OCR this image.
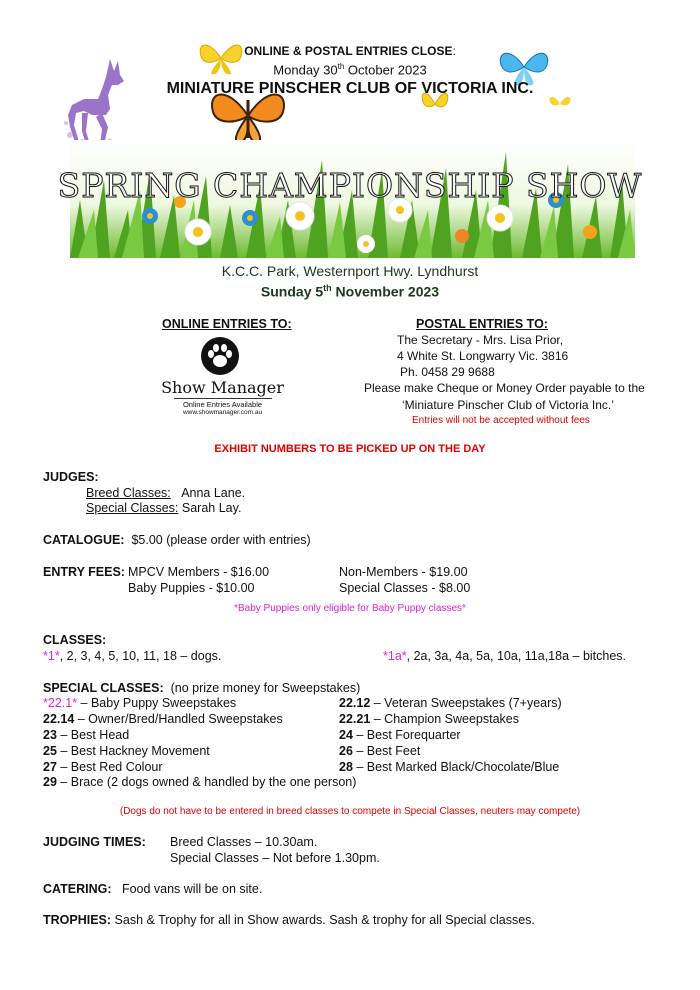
ONLINE & POSTAL ENTRIES CLOSE:
Monday 30th October 2023
MINIATURE PINSCHER CLUB OF VICTORIA INC.
SPRING CHAMPIONSHIP SHOW
K.C.C. Park, Westernport Hwy. Lyndhurst
Sunday 5th November 2023
ONLINE ENTRIES TO:
Show Manager
Online Entries Available
www.showmanager.com.au
POSTAL ENTRIES TO:
The Secretary - Mrs. Lisa Prior,
4 White St. Longwarry Vic. 3816
Ph. 0458 29 9688
Please make Cheque or Money Order payable to the
‘Miniature Pinscher Club of Victoria Inc.’
Entries will not be accepted without fees
EXHIBIT NUMBERS TO BE PICKED UP ON THE DAY
JUDGES:
Breed Classes: Anna Lane.
Special Classes: Sarah Lay.
CATALOGUE: $5.00 (please order with entries)
ENTRY FEES: MPCV Members - $16.00	Non-Members - $19.00
Baby Puppies - $10.00	Special Classes - $8.00
*Baby Puppies only eligible for Baby Puppy classes*
CLASSES:
*1*, 2, 3, 4, 5, 10, 11, 18 – dogs.	*1a*, 2a, 3a, 4a, 5a, 10a, 11a,18a – bitches.
SPECIAL CLASSES: (no prize money for Sweepstakes)
*22.1* – Baby Puppy Sweepstakes	22.12 – Veteran Sweepstakes (7+years)
22.14 – Owner/Bred/Handled Sweepstakes	22.21 – Champion Sweepstakes
23 – Best Head	24 – Best Forequarter
25 – Best Hackney Movement	26 – Best Feet
27 – Best Red Colour	28 – Best Marked Black/Chocolate/Blue
29 – Brace (2 dogs owned & handled by the one person)
(Dogs do not have to be entered in breed classes to compete in Special Classes, neuters may compete)
JUDGING TIMES: Breed Classes – 10.30am.
Special Classes – Not before 1.30pm.
CATERING: Food vans will be on site.
TROPHIES: Sash & Trophy for all in Show awards. Sash & trophy for all Special classes.
